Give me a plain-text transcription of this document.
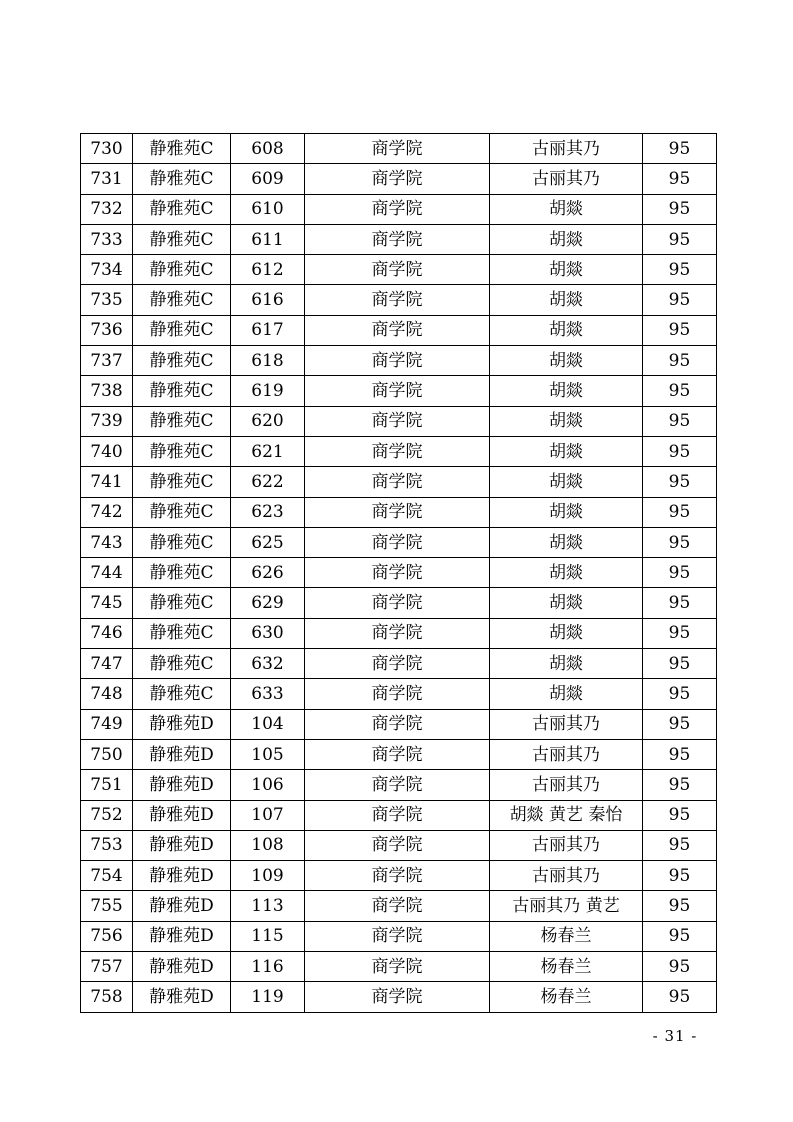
730	静雅苑C	608	商学院	古丽其乃	95
731	静雅苑C	609	商学院	古丽其乃	95
732	静雅苑C	610	商学院	胡燚	95
733	静雅苑C	611	商学院	胡燚	95
734	静雅苑C	612	商学院	胡燚	95
735	静雅苑C	616	商学院	胡燚	95
736	静雅苑C	617	商学院	胡燚	95
737	静雅苑C	618	商学院	胡燚	95
738	静雅苑C	619	商学院	胡燚	95
739	静雅苑C	620	商学院	胡燚	95
740	静雅苑C	621	商学院	胡燚	95
741	静雅苑C	622	商学院	胡燚	95
742	静雅苑C	623	商学院	胡燚	95
743	静雅苑C	625	商学院	胡燚	95
744	静雅苑C	626	商学院	胡燚	95
745	静雅苑C	629	商学院	胡燚	95
746	静雅苑C	630	商学院	胡燚	95
747	静雅苑C	632	商学院	胡燚	95
748	静雅苑C	633	商学院	胡燚	95
749	静雅苑D	104	商学院	古丽其乃	95
750	静雅苑D	105	商学院	古丽其乃	95
751	静雅苑D	106	商学院	古丽其乃	95
752	静雅苑D	107	商学院	胡燚 黄艺 秦怡	95
753	静雅苑D	108	商学院	古丽其乃	95
754	静雅苑D	109	商学院	古丽其乃	95
755	静雅苑D	113	商学院	古丽其乃 黄艺	95
756	静雅苑D	115	商学院	杨春兰	95
757	静雅苑D	116	商学院	杨春兰	95
758	静雅苑D	119	商学院	杨春兰	95
- 31 -
